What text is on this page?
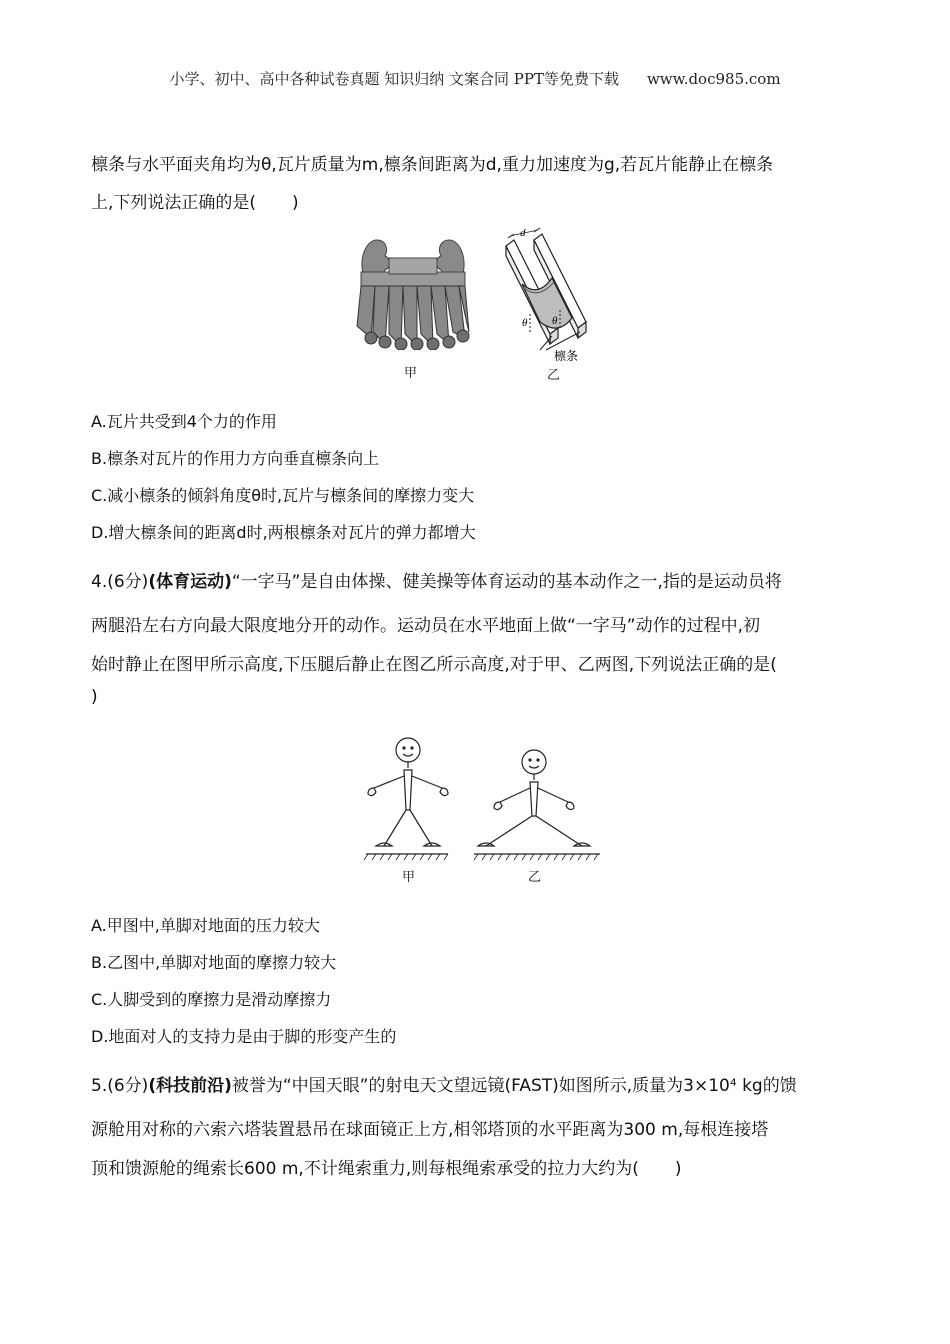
小学、初中、高中各种试卷真题 知识归纳 文案合同 PPT等免费下载 www.doc985.com
檩条与水平面夹角均为θ,瓦片质量为m,檩条间距离为d,重力加速度为g,若瓦片能静止在檩条
上,下列说法正确的是( )
甲
d
θ θ
檩条
乙
A.瓦片共受到4个力的作用
B.檩条对瓦片的作用力方向垂直檩条向上
C.减小檩条的倾斜角度θ时,瓦片与檩条间的摩擦力变大
D.增大檩条间的距离d时,两根檩条对瓦片的弹力都增大
4.(6分)(体育运动)“一字马”是自由体操、健美操等体育运动的基本动作之一,指的是运动员将
两腿沿左右方向最大限度地分开的动作。运动员在水平地面上做“一字马”动作的过程中,初
始时静止在图甲所示高度,下压腿后静止在图乙所示高度,对于甲、乙两图,下列说法正确的是(
)
甲	乙
A.甲图中,单脚对地面的压力较大
B.乙图中,单脚对地面的摩擦力较大
C.人脚受到的摩擦力是滑动摩擦力
D.地面对人的支持力是由于脚的形变产生的
5.(6分)(科技前沿)被誉为“中国天眼”的射电天文望远镜(FAST)如图所示,质量为3×10⁴ kg的馈
源舱用对称的六索六塔装置悬吊在球面镜正上方,相邻塔顶的水平距离为300 m,每根连接塔
顶和馈源舱的绳索长600 m,不计绳索重力,则每根绳索承受的拉力大约为( )
